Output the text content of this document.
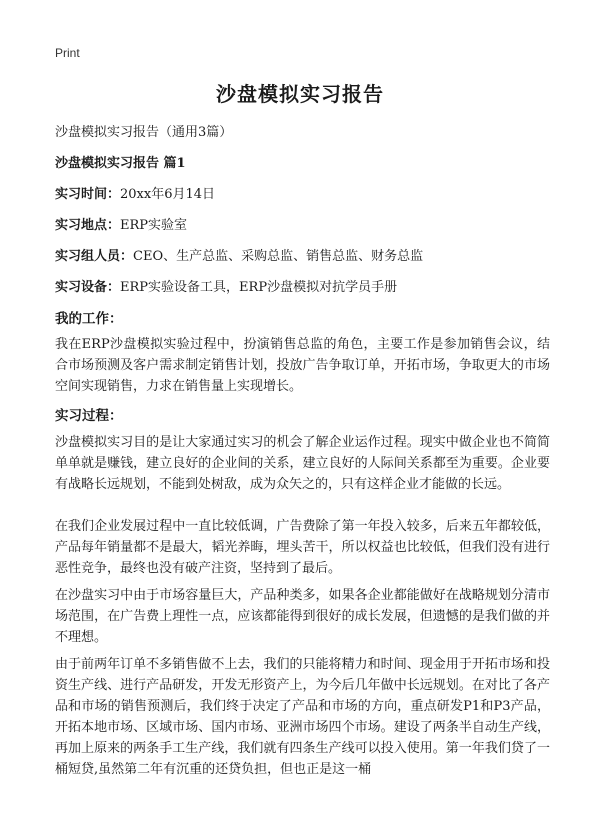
Print
沙盘模拟实习报告
沙盘模拟实习报告（通用3篇）
沙盘模拟实习报告 篇1
实习时间：20xx年6月14日
实习地点：ERP实验室
实习组人员：CEO、生产总监、采购总监、销售总监、财务总监
实习设备：ERP实验设备工具，ERP沙盘模拟对抗学员手册
我的工作：

我在ERP沙盘模拟实验过程中，扮演销售总监的角色，主要工作是参加销售会议，结合市场预测及客户需求制定销售计划，投放广告争取订单，开拓市场，争取更大的市场空间实现销售，力求在销售量上实现增长。

实习过程：

沙盘模拟实习目的是让大家通过实习的机会了解企业运作过程。现实中做企业也不简简单单就是赚钱，建立良好的企业间的关系，建立良好的人际间关系都至为重要。企业要有战略长远规划，不能到处树敌，成为众矢之的，只有这样企业才能做的长远。

在我们企业发展过程中一直比较低调，广告费除了第一年投入较多，后来五年都较低，产品每年销量都不是最大，韬光养晦，埋头苦干，所以权益也比较低，但我们没有进行恶性竞争，最终也没有破产注资，坚持到了最后。

在沙盘实习中由于市场容量巨大，产品种类多，如果各企业都能做好在战略规划分清市场范围，在广告费上理性一点，应该都能得到很好的成长发展，但遗憾的是我们做的并不理想。

由于前两年订单不多销售做不上去，我们的只能将精力和时间、现金用于开拓市场和投资生产线、进行产品研发，开发无形资产上，为今后几年做中长远规划。在对比了各产品和市场的销售预测后，我们终于决定了产品和市场的方向，重点研发P1和P3产品，开拓本地市场、区域市场、国内市场、亚洲市场四个市场。建设了两条半自动生产线，再加上原来的两条手工生产线，我们就有四条生产线可以投入使用。第一年我们贷了一桶短贷,虽然第二年有沉重的还贷负担，但也正是这一桶
